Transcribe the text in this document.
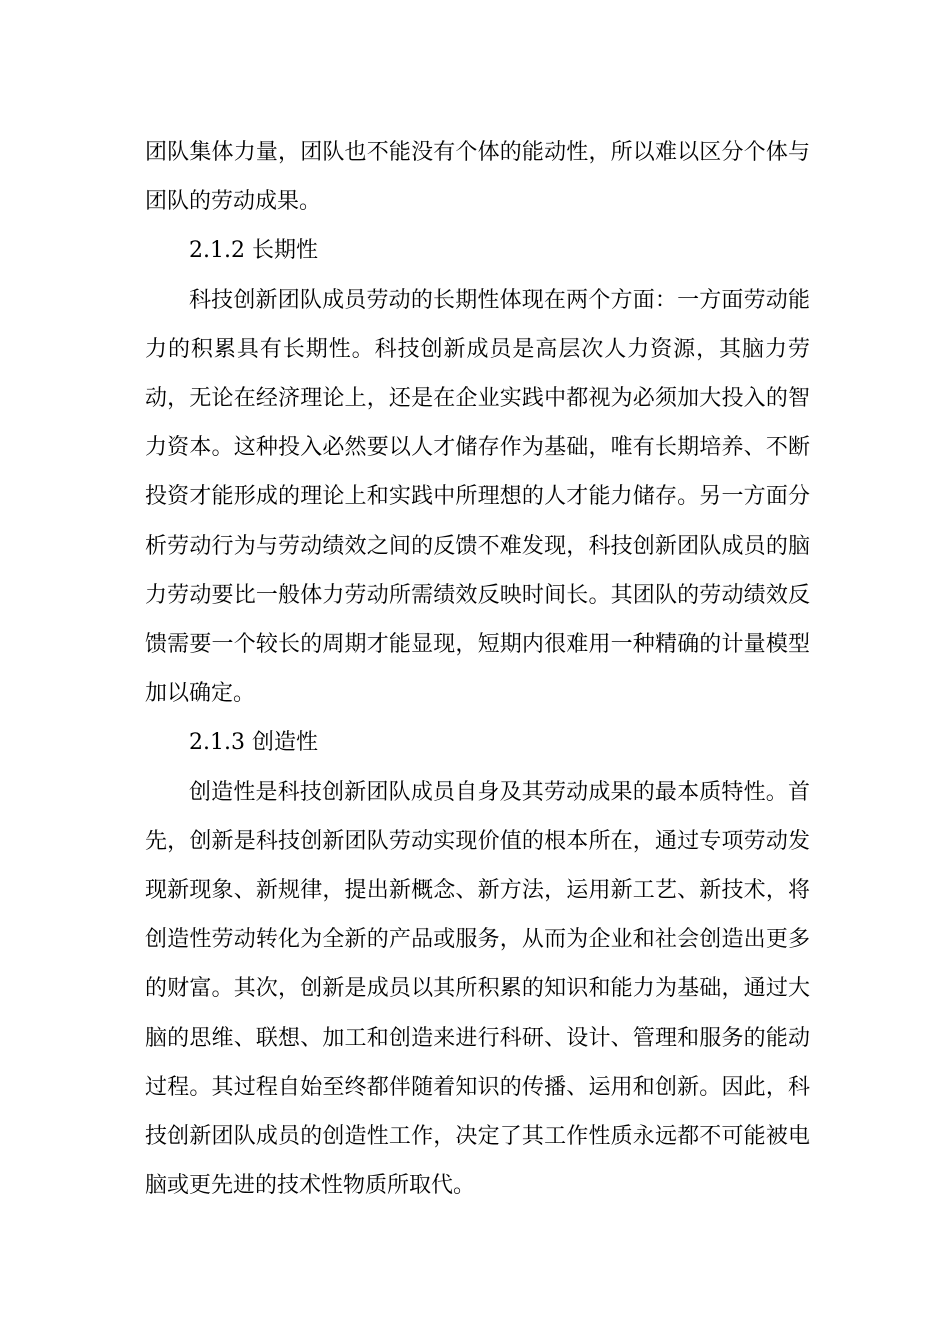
团队集体力量，团队也不能没有个体的能动性，所以难以区分个体与团队的劳动成果。

2.1.2 长期性

科技创新团队成员劳动的长期性体现在两个方面：一方面劳动能力的积累具有长期性。科技创新成员是高层次人力资源，其脑力劳动，无论在经济理论上，还是在企业实践中都视为必须加大投入的智力资本。这种投入必然要以人才储存作为基础，唯有长期培养、不断投资才能形成的理论上和实践中所理想的人才能力储存。另一方面分析劳动行为与劳动绩效之间的反馈不难发现，科技创新团队成员的脑力劳动要比一般体力劳动所需绩效反映时间长。其团队的劳动绩效反馈需要一个较长的周期才能显现，短期内很难用一种精确的计量模型加以确定。

2.1.3 创造性

创造性是科技创新团队成员自身及其劳动成果的最本质特性。首先，创新是科技创新团队劳动实现价值的根本所在，通过专项劳动发现新现象、新规律，提出新概念、新方法，运用新工艺、新技术，将创造性劳动转化为全新的产品或服务，从而为企业和社会创造出更多的财富。其次，创新是成员以其所积累的知识和能力为基础，通过大脑的思维、联想、加工和创造来进行科研、设计、管理和服务的能动过程。其过程自始至终都伴随着知识的传播、运用和创新。因此，科技创新团队成员的创造性工作，决定了其工作性质永远都不可能被电脑或更先进的技术性物质所取代。
